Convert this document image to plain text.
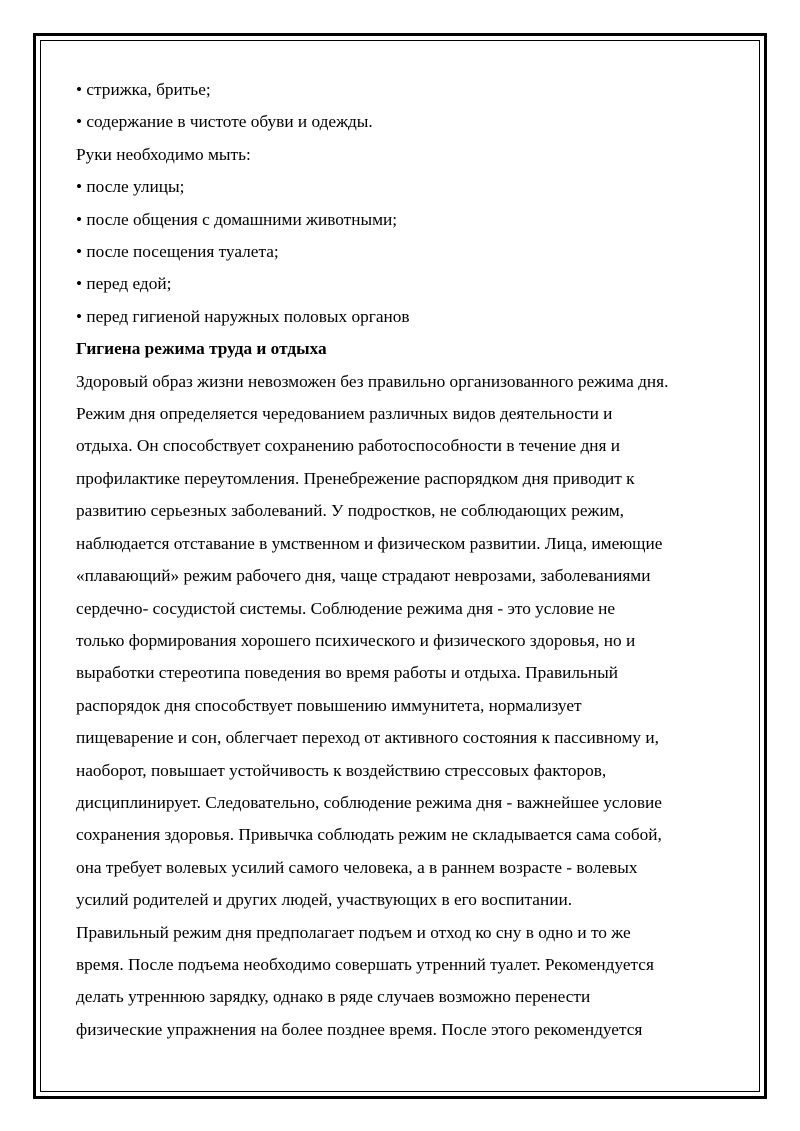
• стрижка, бритье;
• содержание в чистоте обуви и одежды.
Руки необходимо мыть:
• после улицы;
• после общения с домашними животными;
• после посещения туалета;
• перед едой;
• перед гигиеной наружных половых органов
Гигиена режима труда и отдыха
Здоровый образ жизни невозможен без правильно организованного режима дня.
Режим дня определяется чередованием различных видов деятельности и
отдыха. Он способствует сохранению работоспособности в течение дня и
профилактике переутомления. Пренебрежение распорядком дня приводит к
развитию серьезных заболеваний. У подростков, не соблюдающих режим,
наблюдается отставание в умственном и физическом развитии. Лица, имеющие
«плавающий» режим рабочего дня, чаще страдают неврозами, заболеваниями
сердечно- сосудистой системы. Соблюдение режима дня - это условие не
только формирования хорошего психического и физического здоровья, но и
выработки стереотипа поведения во время работы и отдыха. Правильный
распорядок дня способствует повышению иммунитета, нормализует
пищеварение и сон, облегчает переход от активного состояния к пассивному и,
наоборот, повышает устойчивость к воздействию стрессовых факторов,
дисциплинирует. Следовательно, соблюдение режима дня - важнейшее условие
сохранения здоровья. Привычка соблюдать режим не складывается сама собой,
она требует волевых усилий самого человека, а в раннем возрасте - волевых
усилий родителей и других людей, участвующих в его воспитании.
Правильный режим дня предполагает подъем и отход ко сну в одно и то же
время. После подъема необходимо совершать утренний туалет. Рекомендуется
делать утреннюю зарядку, однако в ряде случаев возможно перенести
физические упражнения на более позднее время. После этого рекомендуется
